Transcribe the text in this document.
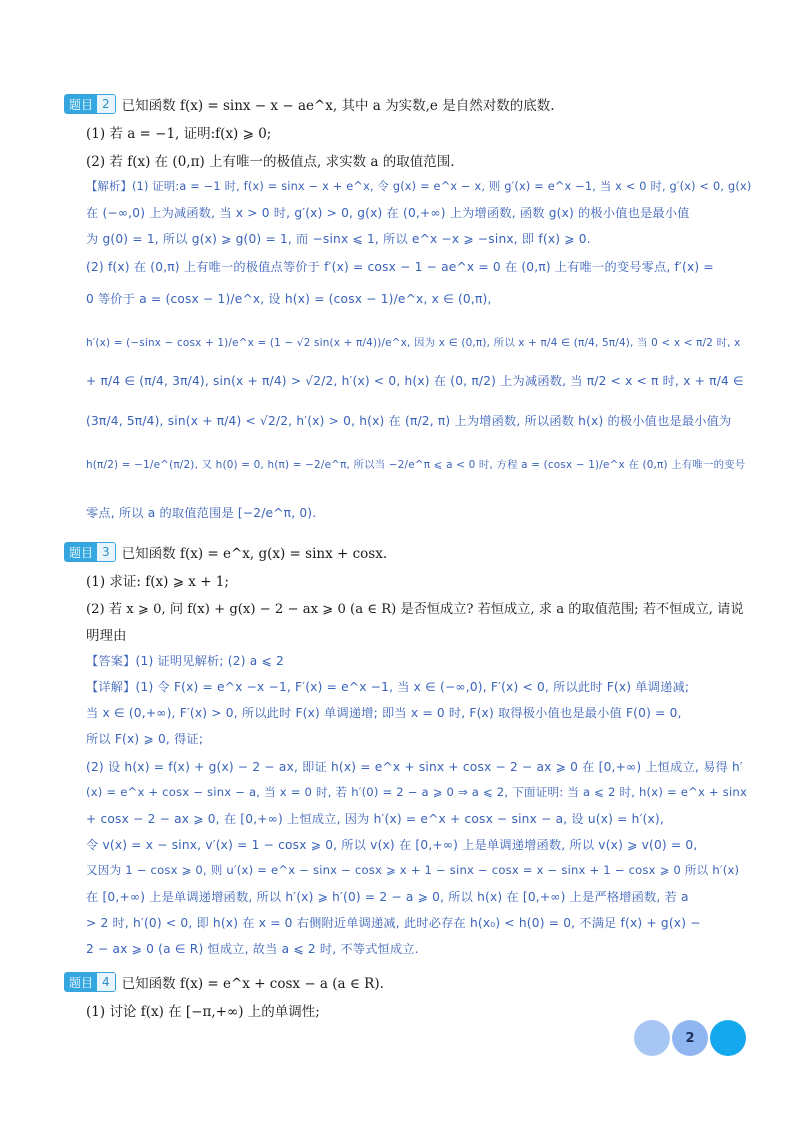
题目 2 已知函数 f(x) = sinx − x − ae^x, 其中 a 为实数,e 是自然对数的底数.
(1) 若 a = −1, 证明:f(x) ⩾ 0;
(2) 若 f(x) 在 (0,π) 上有唯一的极值点, 求实数 a 的取值范围.
【解析】(1) 证明:a = −1 时, f(x) = sinx − x + e^x, 令 g(x) = e^x − x, 则 g′(x) = e^x −1, 当 x < 0 时, g′(x) < 0, g(x)
在 (−∞,0) 上为减函数, 当 x > 0 时, g′(x) > 0, g(x) 在 (0,+∞) 上为增函数, 函数 g(x) 的极小值也是最小值
为 g(0) = 1, 所以 g(x) ⩾ g(0) = 1, 而 −sinx ⩽ 1, 所以 e^x −x ⩾ −sinx, 即 f(x) ⩾ 0.
(2) f(x) 在 (0,π) 上有唯一的极值点等价于 f′(x) = cosx − 1 − ae^x = 0 在 (0,π) 上有唯一的变号零点, f′(x) =
0 等价于 a = (cosx − 1)/e^x, 设 h(x) = (cosx − 1)/e^x, x ∈ (0,π),
h′(x) = (−sinx − cosx + 1)/e^x = (1 − √2 sin(x + π/4))/e^x, 因为 x ∈ (0,π), 所以 x + π/4 ∈ (π/4, 5π/4), 当 0 < x < π/2 时, x
+ π/4 ∈ (π/4, 3π/4), sin(x + π/4) > √2/2, h′(x) < 0, h(x) 在 (0, π/2) 上为减函数, 当 π/2 < x < π 时, x + π/4 ∈
(3π/4, 5π/4), sin(x + π/4) < √2/2, h′(x) > 0, h(x) 在 (π/2, π) 上为增函数, 所以函数 h(x) 的极小值也是最小值为
h(π/2) = −1/e^(π/2), 又 h(0) = 0, h(π) = −2/e^π, 所以当 −2/e^π ⩽ a < 0 时, 方程 a = (cosx − 1)/e^x 在 (0,π) 上有唯一的变号
零点, 所以 a 的取值范围是 [−2/e^π, 0).
题目 3 已知函数 f(x) = e^x, g(x) = sinx + cosx.
(1) 求证: f(x) ⩾ x + 1;
(2) 若 x ⩾ 0, 问 f(x) + g(x) − 2 − ax ⩾ 0 (a ∈ R) 是否恒成立? 若恒成立, 求 a 的取值范围; 若不恒成立, 请说
明理由
【答案】(1) 证明见解析; (2) a ⩽ 2
【详解】(1) 令 F(x) = e^x −x −1, F′(x) = e^x −1, 当 x ∈ (−∞,0), F′(x) < 0, 所以此时 F(x) 单调递减;
当 x ∈ (0,+∞), F′(x) > 0, 所以此时 F(x) 单调递增; 即当 x = 0 时, F(x) 取得极小值也是最小值 F(0) = 0,
所以 F(x) ⩾ 0, 得证;
(2) 设 h(x) = f(x) + g(x) − 2 − ax, 即证 h(x) = e^x + sinx + cosx − 2 − ax ⩾ 0 在 [0,+∞) 上恒成立, 易得 h′
(x) = e^x + cosx − sinx − a, 当 x = 0 时, 若 h′(0) = 2 − a ⩾ 0 ⇒ a ⩽ 2, 下面证明: 当 a ⩽ 2 时, h(x) = e^x + sinx
+ cosx − 2 − ax ⩾ 0, 在 [0,+∞) 上恒成立, 因为 h′(x) = e^x + cosx − sinx − a, 设 u(x) = h′(x),
令 v(x) = x − sinx, v′(x) = 1 − cosx ⩾ 0, 所以 v(x) 在 [0,+∞) 上是单调递增函数, 所以 v(x) ⩾ v(0) = 0,
又因为 1 − cosx ⩾ 0, 则 u′(x) = e^x − sinx − cosx ⩾ x + 1 − sinx − cosx = x − sinx + 1 − cosx ⩾ 0 所以 h′(x)
在 [0,+∞) 上是单调递增函数, 所以 h′(x) ⩾ h′(0) = 2 − a ⩾ 0, 所以 h(x) 在 [0,+∞) 上是严格增函数, 若 a
> 2 时, h′(0) < 0, 即 h(x) 在 x = 0 右侧附近单调递减, 此时必存在 h(x₀) < h(0) = 0, 不满足 f(x) + g(x) −
2 − ax ⩾ 0 (a ∈ R) 恒成立, 故当 a ⩽ 2 时, 不等式恒成立.
题目 4 已知函数 f(x) = e^x + cosx − a (a ∈ R).
(1) 讨论 f(x) 在 [−π,+∞) 上的单调性;
2
